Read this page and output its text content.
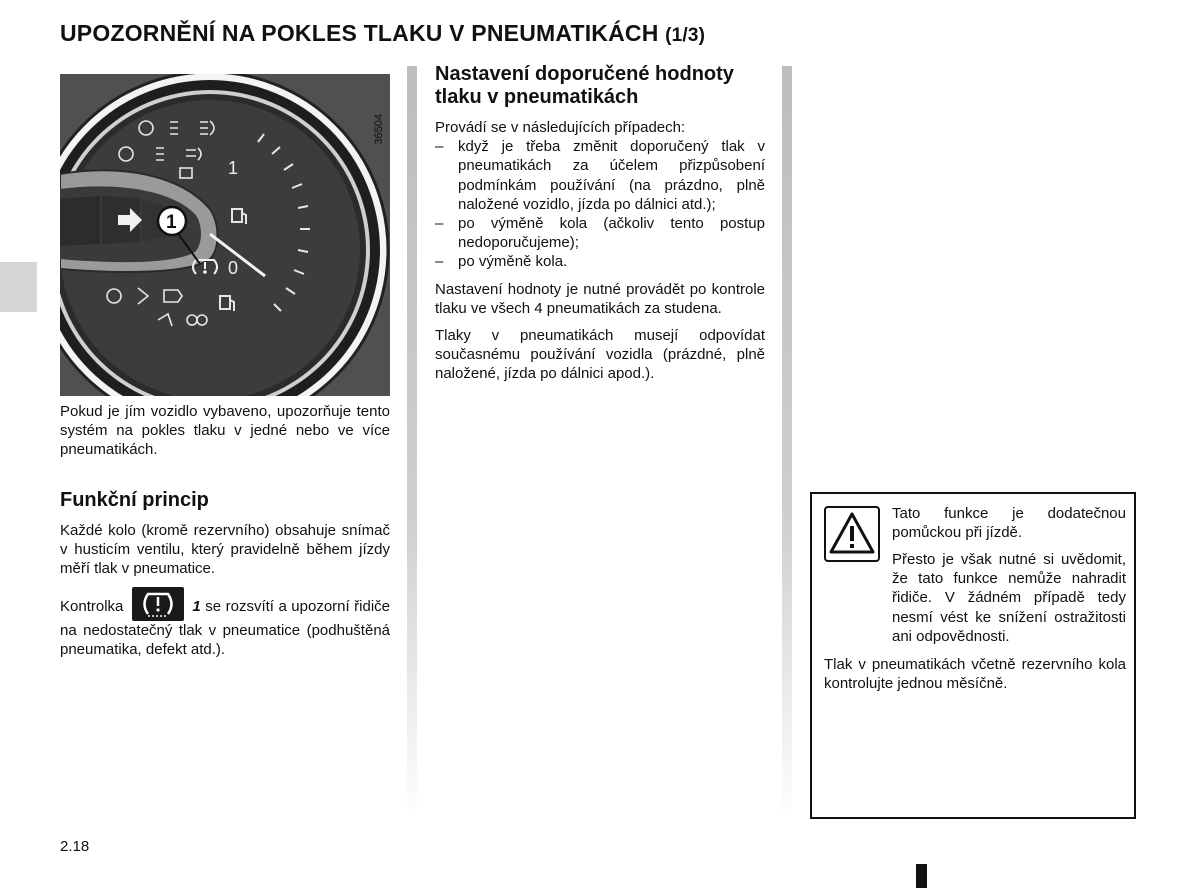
UPOZORNĚNÍ NA POKLES TLAKU V PNEUMATIKÁCH (1/3)
1
0
1
36504

Pokud je jím vozidlo vybaveno, upozorňuje tento systém na pokles tlaku v jedné nebo ve více pneumatikách.

Funkční princip

Každé kolo (kromě rezervního) obsahuje snímač v husticím ventilu, který pravidelně během jízdy měří tlak v pneumatice.

Kontrolka	1 se rozsvítí a upozorní řidiče na nedostatečný tlak v pneumatice (podhuštěná pneumatika, defekt atd.).

Nastavení doporučené hodnoty tlaku v pneumatikách

Provádí se v následujících případech:

– když je třeba změnit doporučený tlak v pneumatikách za účelem přizpůsobení podmínkám používání (na prázdno, plně naložené vozidlo, jízda po dálnici atd.);
– po výměně kola (ačkoliv tento postup nedoporučujeme);
– po výměně kola.

Nastavení hodnoty je nutné provádět po kontrole tlaku ve všech 4 pneumatikách za studena.

Tlaky v pneumatikách musejí odpovídat současnému používání vozidla (prázdné, plně naložené, jízda po dálnici apod.).

Tato funkce je dodatečnou pomůckou při jízdě.

Přesto je však nutné si uvědomit, že tato funkce nemůže nahradit řidiče. V žádném případě tedy nesmí vést ke snížení ostražitosti ani odpovědnosti.

Tlak v pneumatikách včetně rezervního kola kontrolujte jednou měsíčně.

2.18
